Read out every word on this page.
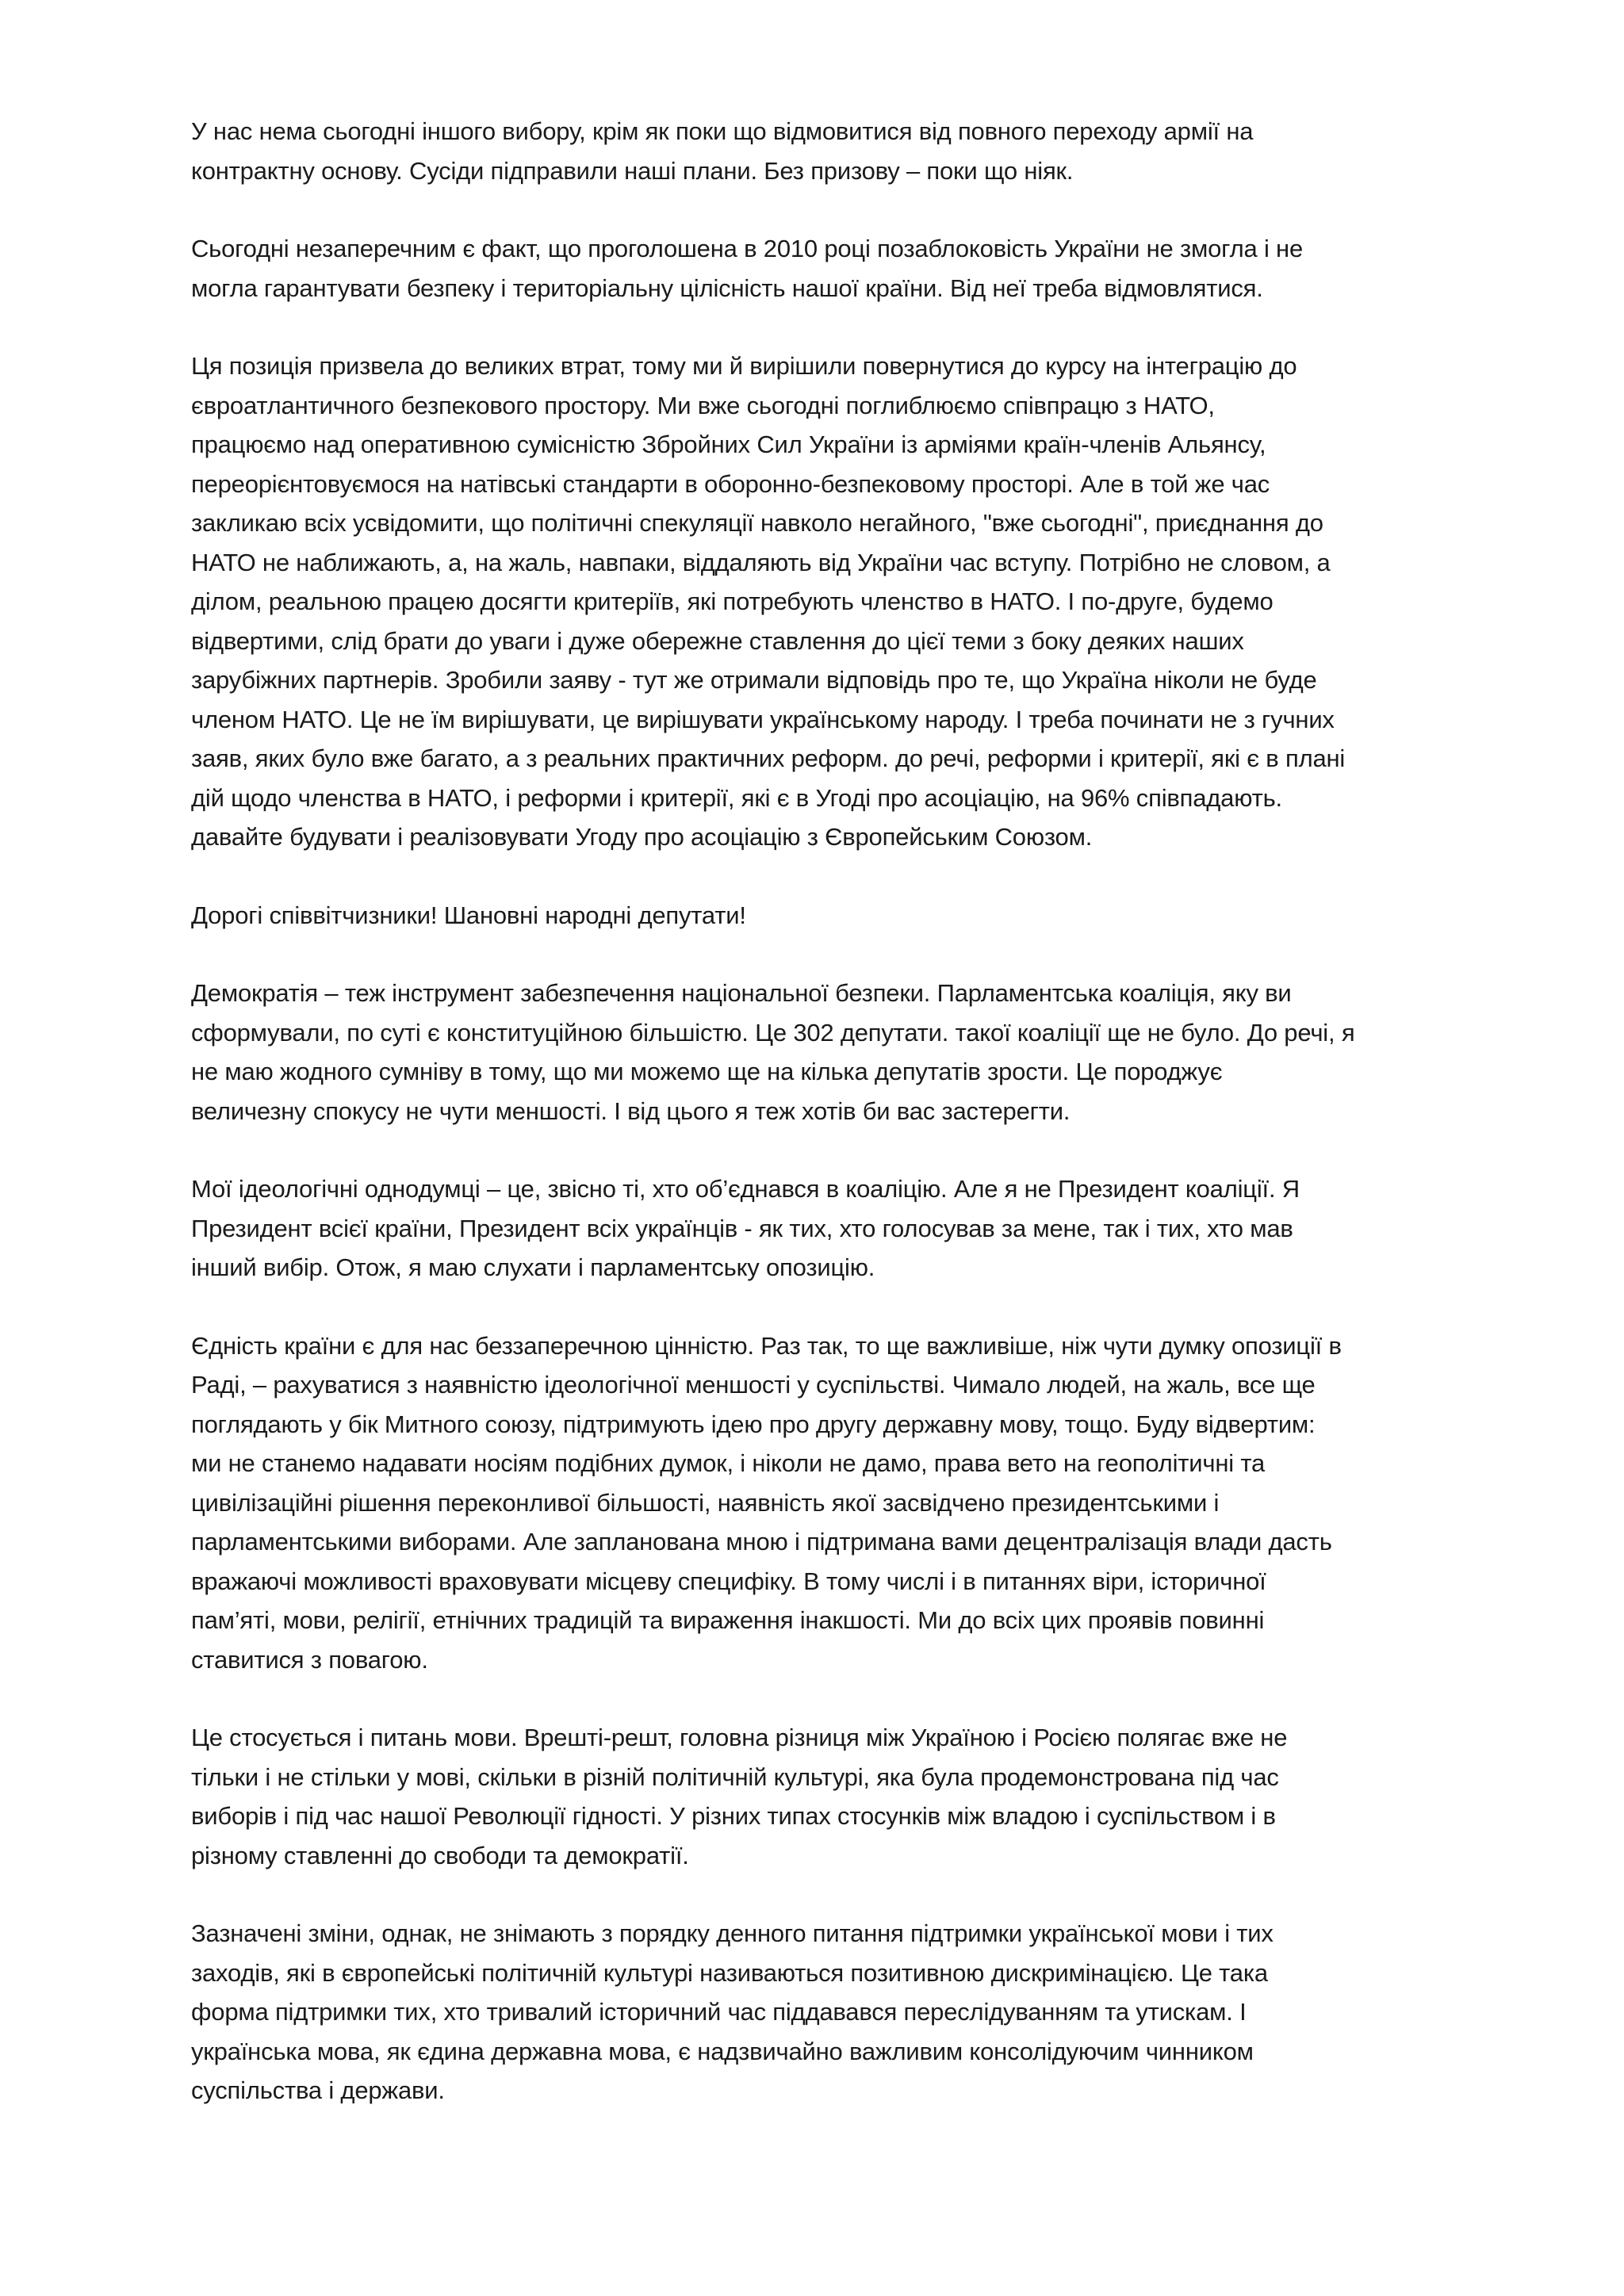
У нас нема сьогодні іншого вибору, крім як поки що відмовитися від повного переходу армії на
контрактну основу. Сусіди підправили наші плани. Без призову – поки що ніяк.

Сьогодні незаперечним є факт, що проголошена в 2010 році позаблоковість України не змогла і не
могла гарантувати безпеку і територіальну цілісність нашої країни. Від неї треба відмовлятися.

Ця позиція призвела до великих втрат, тому ми й вирішили повернутися до курсу на інтеграцію до
євроатлантичного безпекового простору. Ми вже сьогодні поглиблюємо співпрацю з НАТО,
працюємо над оперативною сумісністю Збройних Сил України із арміями країн-членів Альянсу,
переорієнтовуємося на натівські стандарти в оборонно-безпековому просторі. Але в той же час
закликаю всіх усвідомити, що політичні спекуляції навколо негайного, "вже сьогодні", приєднання до
НАТО не наближають, а, на жаль, навпаки, віддаляють від України час вступу. Потрібно не словом, а
ділом, реальною працею досягти критеріїв, які потребують членство в НАТО. І по-друге, будемо
відвертими, слід брати до уваги і дуже обережне ставлення до цієї теми з боку деяких наших
зарубіжних партнерів. Зробили заяву - тут же отримали відповідь про те, що Україна ніколи не буде
членом НАТО. Це не їм вирішувати, це вирішувати українському народу. І треба починати не з гучних
заяв, яких було вже багато, а з реальних практичних реформ. до речі, реформи і критерії, які є в плані
дій щодо членства в НАТО, і реформи і критерії, які є в Угоді про асоціацію, на 96% співпадають.
давайте будувати і реалізовувати Угоду про асоціацію з Європейським Союзом.

Дорогі співвітчизники! Шановні народні депутати!

Демократія – теж інструмент забезпечення національної безпеки. Парламентська коаліція, яку ви
сформували, по суті є конституційною більшістю. Це 302 депутати. такої коаліції ще не було. До речі, я
не маю жодного сумніву в тому, що ми можемо ще на кілька депутатів зрости. Це породжує
величезну спокусу не чути меншості. І від цього я теж хотів би вас застерегти.

Мої ідеологічні однодумці – це, звісно ті, хто об’єднався в коаліцію. Але я не Президент коаліції. Я
Президент всієї країни, Президент всіх українців - як тих, хто голосував за мене, так і тих, хто мав
інший вибір. Отож, я маю слухати і парламентську опозицію.

Єдність країни є для нас беззаперечною цінністю. Раз так, то ще важливіше, ніж чути думку опозиції в
Раді, – рахуватися з наявністю ідеологічної меншості у суспільстві. Чимало людей, на жаль, все ще
поглядають у бік Митного союзу, підтримують ідею про другу державну мову, тощо. Буду відвертим:
ми не станемо надавати носіям подібних думок, і ніколи не дамо, права вето на геополітичні та
цивілізаційні рішення переконливої більшості, наявність якої засвідчено президентськими і
парламентськими виборами. Але запланована мною і підтримана вами децентралізація влади дасть
вражаючі можливості враховувати місцеву специфіку. В тому числі і в питаннях віри, історичної
пам’яті, мови, релігії, етнічних традицій та вираження інакшості. Ми до всіх цих проявів повинні
ставитися з повагою.

Це стосується і питань мови. Врешті-решт, головна різниця між Україною і Росією полягає вже не
тільки і не стільки у мові, скільки в різній політичній культурі, яка була продемонстрована під час
виборів і під час нашої Революції гідності. У різних типах стосунків між владою і суспільством і в
різному ставленні до свободи та демократії.

Зазначені зміни, однак, не знімають з порядку денного питання підтримки української мови і тих
заходів, які в європейські політичній культурі називаються позитивною дискримінацією. Це така
форма підтримки тих, хто тривалий історичний час піддавався переслідуванням та утискам. І
українська мова, як єдина державна мова, є надзвичайно важливим консолідуючим чинником
суспільства і держави.
